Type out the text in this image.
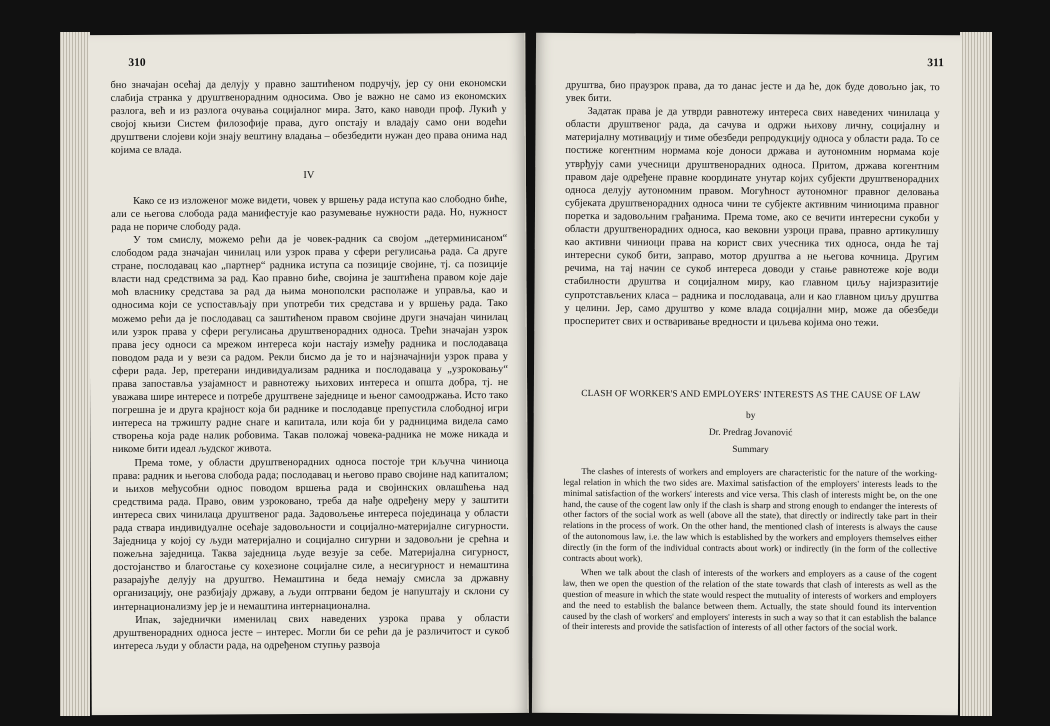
310

бно значајан осећај да делују у правно заштићеном подручју, јер су они економски слабија странка у друштвенорадним односима. Ово је важно не само из економских разлога, већ и из разлога очувања социјалног мира. Зато, како наводи проф. Лукић у својој књизи Систем филозофије права, дуго опстају и владају само они водећи друштвени слојеви који знају вештину владања – обезбедити нужан део права онима над којима се влада.

IV

Како се из изложеног може видети, човек у вршењу рада иступа као слободно биће, али се његова слобода рада манифестује као разумевање нужности рада. Но, нужност рада не пориче слободу рада.

У том смислу, можемо рећи да је човек-радник са својом „детерминисаном“ слободом рада значајан чинилац или узрок права у сфери регулисања рада. Са друге стране, послодавац као „партнер“ радника иступа са позиције својине, тј. са позиције власти над средствима за рад. Као правно биће, својина је заштићена правом које даје моћ власнику средстава за рад да њима монополски располаже и управља, као и односима који се успостављају при употреби тих средстава и у вршењу рада. Тако можемо рећи да је послодавац са заштићеном правом својине други значајан чинилац или узрок права у сфери регулисања друштвенорадних односа. Трећи значајан узрок права јесу односи са мрежом интереса који настају између радника и послодаваца поводом рада и у вези са радом. Рекли бисмо да је то и најзначајнији узрок права у сфери рада. Јер, претерани индивидуализам радника и послодаваца у „узроковању“ права запоставља узајамност и равнотежу њихових интереса и општа добра, тј. не уважава шире интересе и потребе друштвене заједнице и њеног самоодржања. Исто тако погрешна је и друга крајност која би раднике и послодавце препустила слободној игри интереса на тржишту радне снаге и капитала, или која би у радницима видела само створења која раде налик робовима. Такав положај човека-радника не може никада и никоме бити идеал људског живота.

Према томе, у области друштвенорадних односа постоје три кључна чиниоца права: радник и његова слобода рада; послодавац и његово право својине над капиталом; и њихов међусобни однос поводом вршења рада и својинских овлашћења над средствима рада. Право, овим узроковано, треба да нађе одређену меру у заштити интереса свих чинилаца друштвеног рада. Задовољење интереса појединаца у области рада ствара индивидуалне осећаје задовољности и социјално-материјалне сигурности. Заједница у којој су људи материјално и социјално сигурни и задовољни је срећна и пожељна заједница. Таква заједница људе везује за себе. Материјална сигурност, достојанство и благостање су кохезионе социјалне силе, а несигурност и немаштина разарајуће делују на друштво. Немаштина и беда немају смисла за државну организацију, оне разбијају државу, а људи оптрвани бедом је напуштају и склони су интернационализму јер је и немаштина интернационална.

Ипак, заједнички именилац свих наведених узрока права у области друштвенорадних односа јесте – интерес. Могли би се рећи да је различитост и сукоб интереса људи у области рада, на одређеном ступњу развоја

311

друштва, био праузрок права, да то данас јесте и да ће, док буде довољно јак, то увек бити.

Задатак права је да утврди равнотежу интереса свих наведених чинилаца у области друштвеног рада, да сачува и одржи њихову личну, социјалну и материјалну мотивацију и тиме обезбеди репродукцију односа у области рада. То се постиже когентним нормама које доноси држава и аутономним нормама које утврђују сами учесници друштвенорадних односа. Притом, држава когентним правом даје одређене правне координате унутар којих субјекти друштвенорадних односа делују аутономним правом. Могућност аутономног правног деловања субјеката друштвенорадних односа чини те субјекте активним чиниоцима правног поретка и задовољним грађанима. Према томе, ако се вечити интересни сукоби у области друштвенорадних односа, као вековни узроци права, правно артикулишу као активни чиниоци права на корист свих учесника тих односа, онда ће тај интересни сукоб бити, заправо, мотор друштва а не његова кочница. Другим речима, на тај начин се сукоб интереса доводи у стање равнотеже које води стабилности друштва и социјалном миру, као главном циљу најизразитије супротстављених класа – радника и послодаваца, али и као главном циљу друштва у целини. Јер, само друштво у коме влада социјални мир, може да обезбеди просперитет свих и остваривање вредности и циљева којима оно тежи.

CLASH OF WORKER'S AND EMPLOYERS' INTERESTS AS THE CAUSE OF LAW
by
Dr. Predrag Jovanović
Summary

The clashes of interests of workers and employers are characteristic for the nature of the working-legal relation in which the two sides are. Maximal satisfaction of the employers' interests leads to the minimal satisfaction of the workers' interests and vice versa. This clash of interests might be, on the one hand, the cause of the cogent law only if the clash is sharp and strong enough to endanger the interests of other factors of the social work as well (above all the state), that directly or indirectly take part in their relations in the process of work. On the other hand, the mentioned clash of interests is always the cause of the autonomous law, i.e. the law which is established by the workers and employers themselves either directly (in the form of the individual contracts about work) or indirectly (in the form of the collective contracts about work).

When we talk about the clash of interests of the workers and employers as a cause of the cogent law, then we open the question of the relation of the state towards that clash of interests as well as the question of measure in which the state would respect the mutuality of interests of workers and employers and the need to establish the balance between them. Actually, the state should found its intervention caused by the clash of workers' and employers' interests in such a way so that it can establish the balance of their interests and provide the satisfaction of interests of all other factors of the social work.
